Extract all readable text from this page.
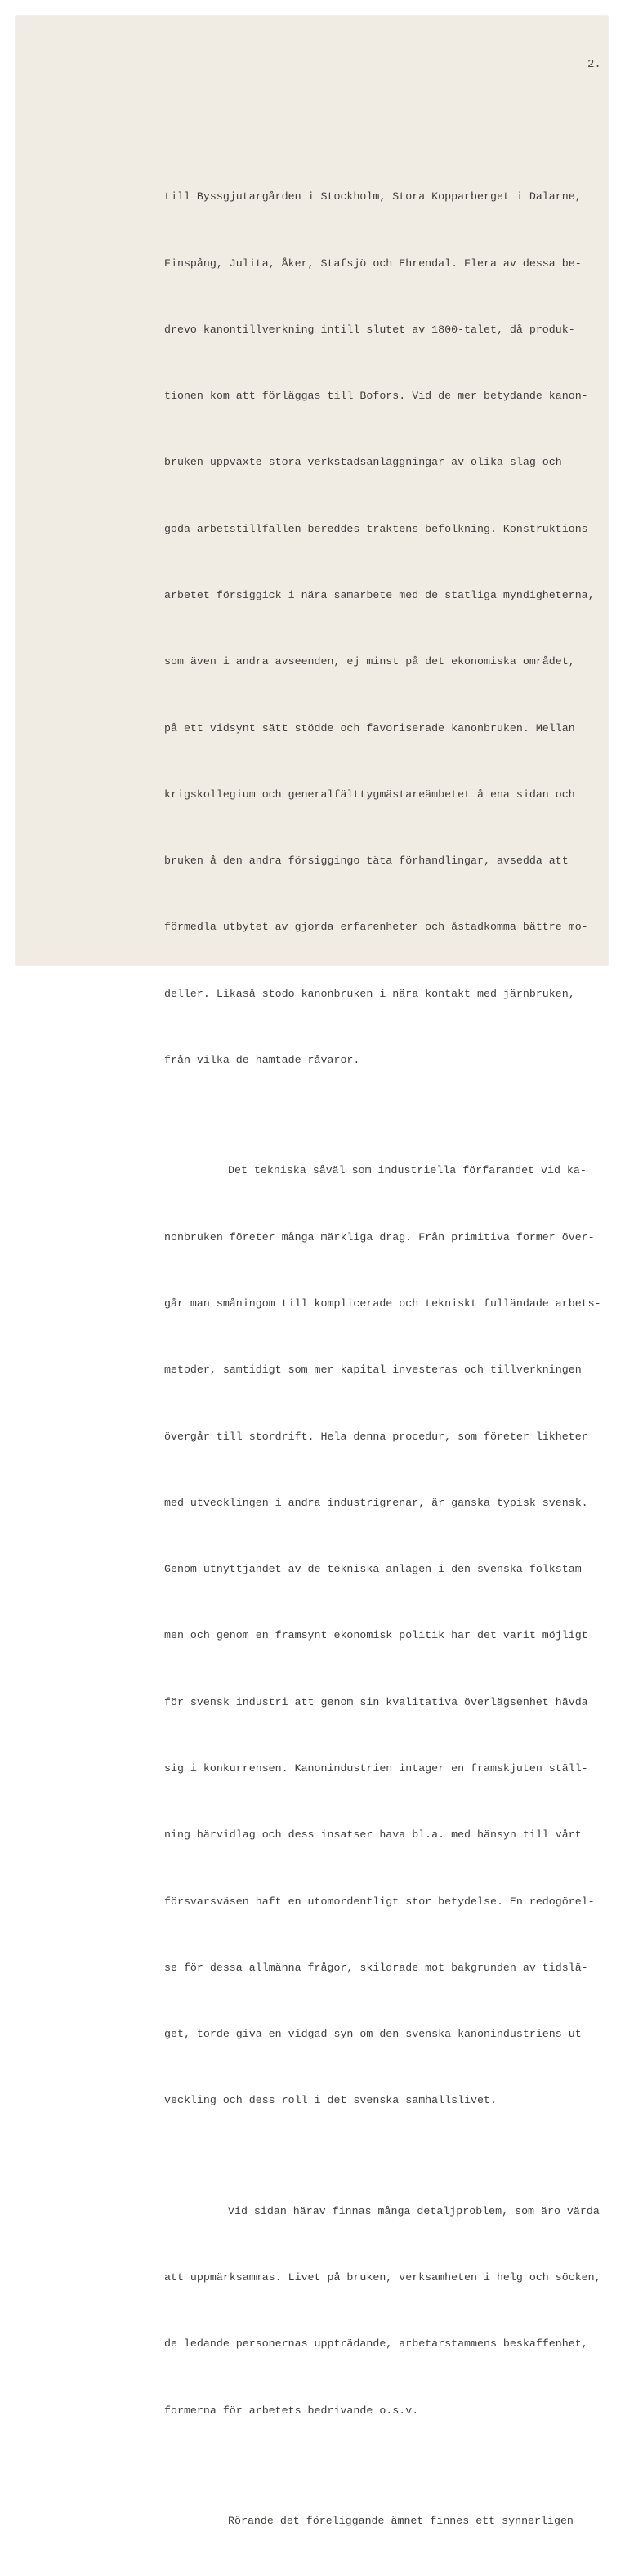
2.

till Byssgjutargården i Stockholm, Stora Kopparberget i Dalarne,

Finspång, Julita, Åker, Stafsjö och Ehrendal. Flera av dessa be-

drevo kanontillverkning intill slutet av 1800-talet, då produk-

tionen kom att förläggas till Bofors. Vid de mer betydande kanon-

bruken uppväxte stora verkstadsanläggningar av olika slag och

goda arbetstillfällen bereddes traktens befolkning. Konstruktions-

arbetet försiggick i nära samarbete med de statliga myndigheterna,

som även i andra avseenden, ej minst på det ekonomiska området,

på ett vidsynt sätt stödde och favoriserade kanonbruken. Mellan

krigskollegium och generalfälttygmästareämbetet å ena sidan och

bruken å den andra försiggingo täta förhandlingar, avsedda att

förmedla utbytet av gjorda erfarenheter och åstadkomma bättre mo-

deller. Likaså stodo kanonbruken i nära kontakt med järnbruken,

från vilka de hämtade råvaror.

Det tekniska såväl som industriella förfarandet vid ka-

nonbruken företer många märkliga drag. Från primitiva former över-

går man småningom till komplicerade och tekniskt fulländade arbets-

metoder, samtidigt som mer kapital investeras och tillverkningen

övergår till stordrift. Hela denna procedur, som företer likheter

med utvecklingen i andra industrigrenar, är ganska typisk svensk.

Genom utnyttjandet av de tekniska anlagen i den svenska folkstam-

men och genom en framsynt ekonomisk politik har det varit möjligt

för svensk industri att genom sin kvalitativa överlägsenhet hävda

sig i konkurrensen. Kanonindustrien intager en framskjuten ställ-

ning härvidlag och dess insatser hava bl.a. med hänsyn till vårt

försvarsväsen haft en utomordentligt stor betydelse. En redogörel-

se för dessa allmänna frågor, skildrade mot bakgrunden av tidslä-

get, torde giva en vidgad syn om den svenska kanonindustriens ut-

veckling och dess roll i det svenska samhällslivet.

Vid sidan härav finnas många detaljproblem, som äro värda

att uppmärksammas. Livet på bruken, verksamheten i helg och söcken,

de ledande personernas uppträdande, arbetarstammens beskaffenhet,

formerna för arbetets bedrivande o.s.v.

Rörande det föreliggande ämnet finnes ett synnerligen
